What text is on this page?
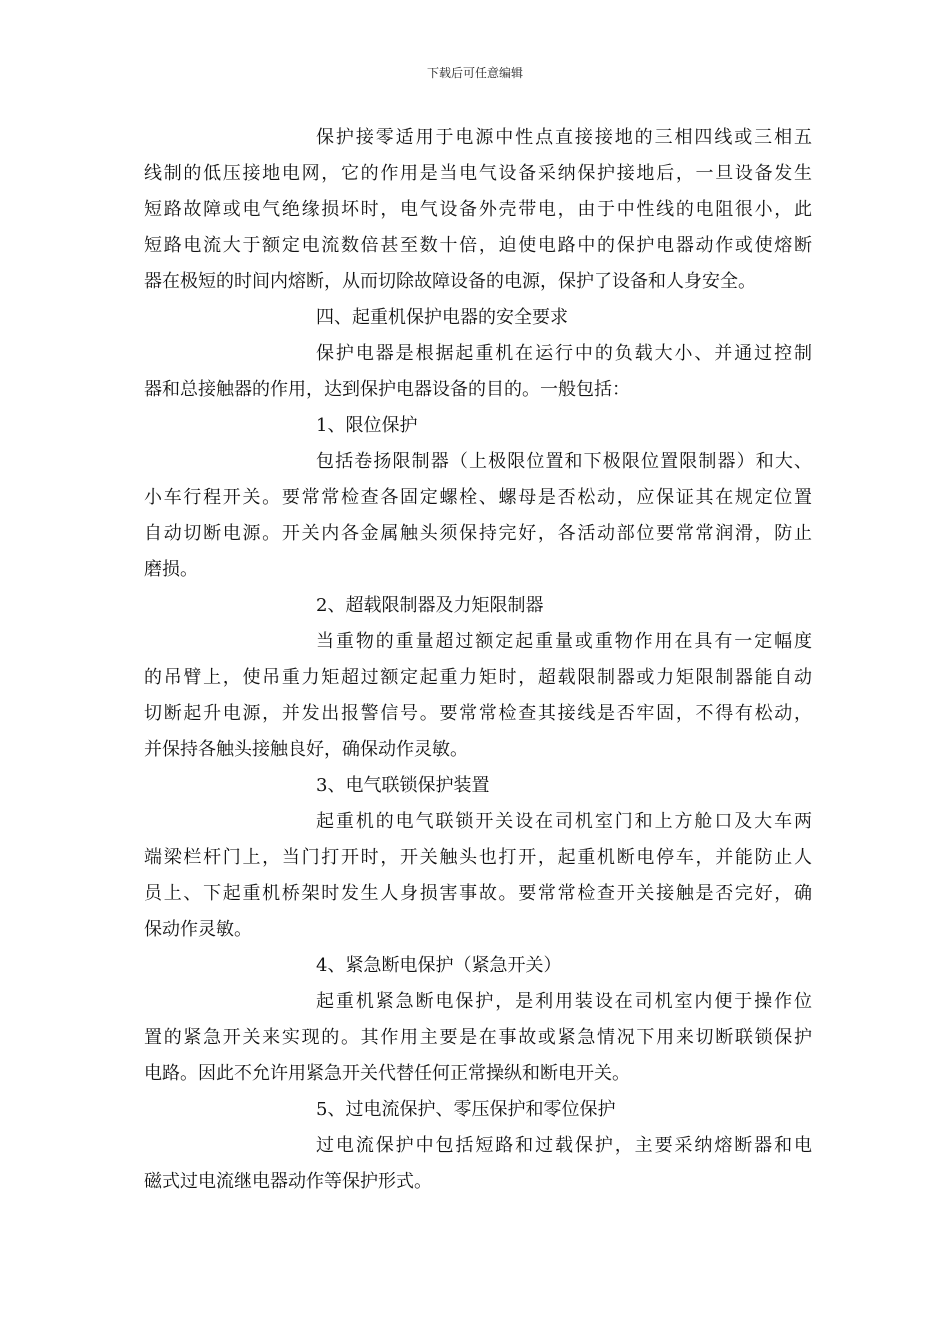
下载后可任意编辑
保护接零适用于电源中性点直接接地的三相四线或三相五
线制的低压接地电网，它的作用是当电气设备采纳保护接地后，一旦设备发生
短路故障或电气绝缘损坏时，电气设备外壳带电，由于中性线的电阻很小，此
短路电流大于额定电流数倍甚至数十倍，迫使电路中的保护电器动作或使熔断
器在极短的时间内熔断，从而切除故障设备的电源，保护了设备和人身安全。
四、起重机保护电器的安全要求
保护电器是根据起重机在运行中的负载大小、并通过控制
器和总接触器的作用，达到保护电器设备的目的。一般包括：
1、限位保护
包括卷扬限制器（上极限位置和下极限位置限制器）和大、
小车行程开关。要常常检查各固定螺栓、螺母是否松动，应保证其在规定位置
自动切断电源。开关内各金属触头须保持完好，各活动部位要常常润滑，防止
磨损。
2、超载限制器及力矩限制器
当重物的重量超过额定起重量或重物作用在具有一定幅度
的吊臂上，使吊重力矩超过额定起重力矩时，超载限制器或力矩限制器能自动
切断起升电源，并发出报警信号。要常常检查其接线是否牢固，不得有松动，
并保持各触头接触良好，确保动作灵敏。
3、电气联锁保护装置
起重机的电气联锁开关设在司机室门和上方舱口及大车两
端梁栏杆门上，当门打开时，开关触头也打开，起重机断电停车，并能防止人
员上、下起重机桥架时发生人身损害事故。要常常检查开关接触是否完好，确
保动作灵敏。
4、紧急断电保护（紧急开关）
起重机紧急断电保护，是利用装设在司机室内便于操作位
置的紧急开关来实现的。其作用主要是在事故或紧急情况下用来切断联锁保护
电路。因此不允许用紧急开关代替任何正常操纵和断电开关。
5、过电流保护、零压保护和零位保护
过电流保护中包括短路和过载保护，主要采纳熔断器和电
磁式过电流继电器动作等保护形式。
